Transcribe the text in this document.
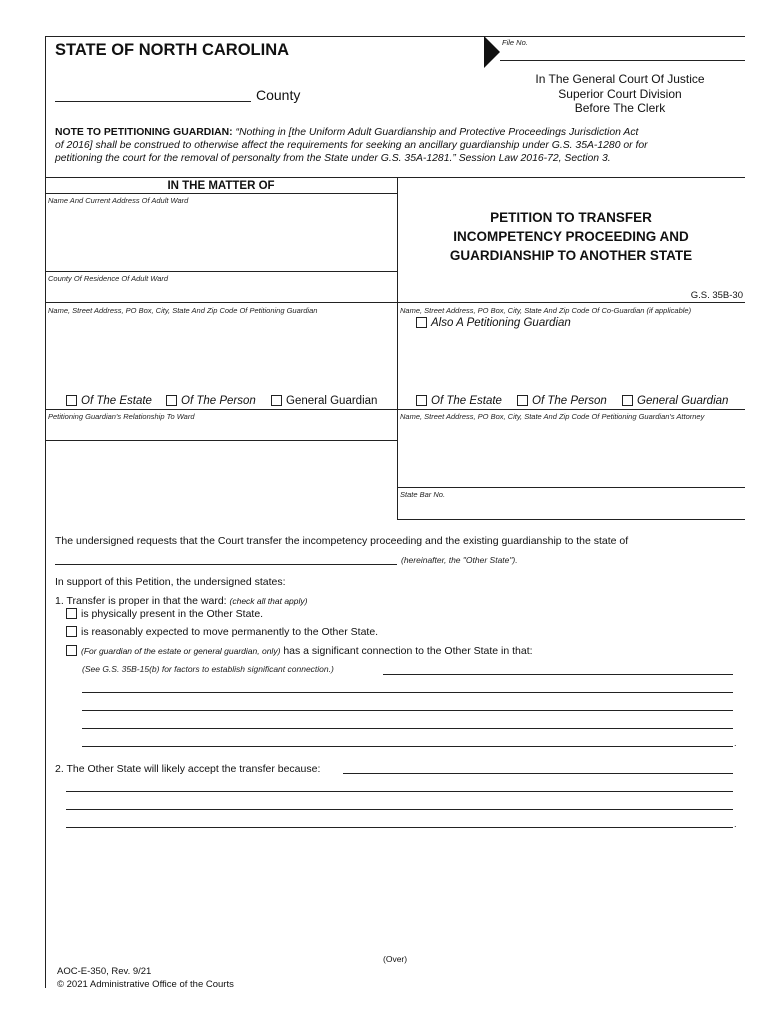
File No.
STATE OF NORTH CAROLINA
County
In The General Court Of Justice
Superior Court Division
Before The Clerk
NOTE TO PETITIONING GUARDIAN: “Nothing in [the Uniform Adult Guardianship and Protective Proceedings Jurisdiction Act
of 2016] shall be construed to otherwise affect the requirements for seeking an ancillary guardianship under G.S. 35A-1280 or for
petitioning the court for the removal of personalty from the State under G.S. 35A-1281.” Session Law 2016-72, Section 3.
IN THE MATTER OF
Name And Current Address Of Adult Ward
County Of Residence Of Adult Ward
Name, Street Address, PO Box, City, State And Zip Code Of Petitioning Guardian
Of The Estate	Of The Person	General Guardian
Petitioning Guardian's Relationship To Ward
PETITION TO TRANSFER
INCOMPETENCY PROCEEDING AND
GUARDIANSHIP TO ANOTHER STATE
G.S. 35B-30
Name, Street Address, PO Box, City, State And Zip Code Of Co-Guardian (if applicable)
Also A Petitioning Guardian
Of The Estate	Of The Person	General Guardian
Name, Street Address, PO Box, City, State And Zip Code Of Petitioning Guardian's Attorney
State Bar No.
The undersigned requests that the Court transfer the incompetency proceeding and the existing guardianship to the state of
(hereinafter, the "Other State").
In support of this Petition, the undersigned states:
1. Transfer is proper in that the ward: (check all that apply)
is physically present in the Other State.
is reasonably expected to move permanently to the Other State.
(For guardian of the estate or general guardian, only) has a significant connection to the Other State in that:
(See G.S. 35B-15(b) for factors to establish significant connection.)
.
2. The Other State will likely accept the transfer because:
.
(Over)
AOC-E-350, Rev. 9/21
© 2021 Administrative Office of the Courts
